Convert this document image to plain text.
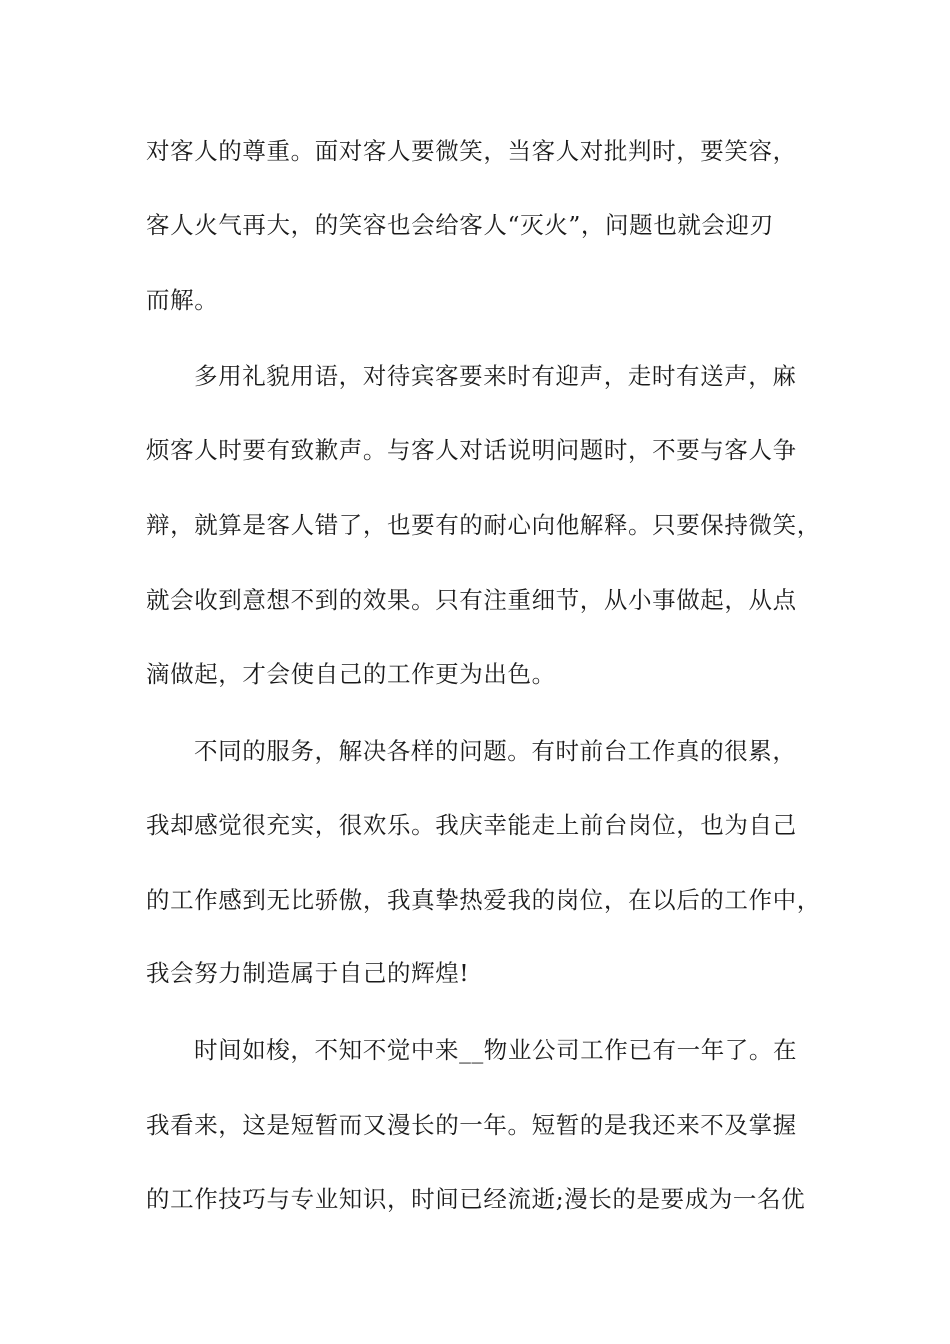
对客人的尊重。面对客人要微笑，当客人对批判时，要笑容，
客人火气再大，的笑容也会给客人“灭火”，问题也就会迎刃
而解。
多用礼貌用语，对待宾客要来时有迎声，走时有送声，麻
烦客人时要有致歉声。与客人对话说明问题时，不要与客人争
辩，就算是客人错了，也要有的耐心向他解释。只要保持微笑，
就会收到意想不到的效果。只有注重细节，从小事做起，从点
滴做起，才会使自己的工作更为出色。
不同的服务，解决各样的问题。有时前台工作真的很累，
我却感觉很充实，很欢乐。我庆幸能走上前台岗位，也为自己
的工作感到无比骄傲，我真挚热爱我的岗位，在以后的工作中，
我会努力制造属于自己的辉煌!
时间如梭，不知不觉中来__物业公司工作已有一年了。在
我看来，这是短暂而又漫长的一年。短暂的是我还来不及掌握
的工作技巧与专业知识，时间已经流逝;漫长的是要成为一名优
